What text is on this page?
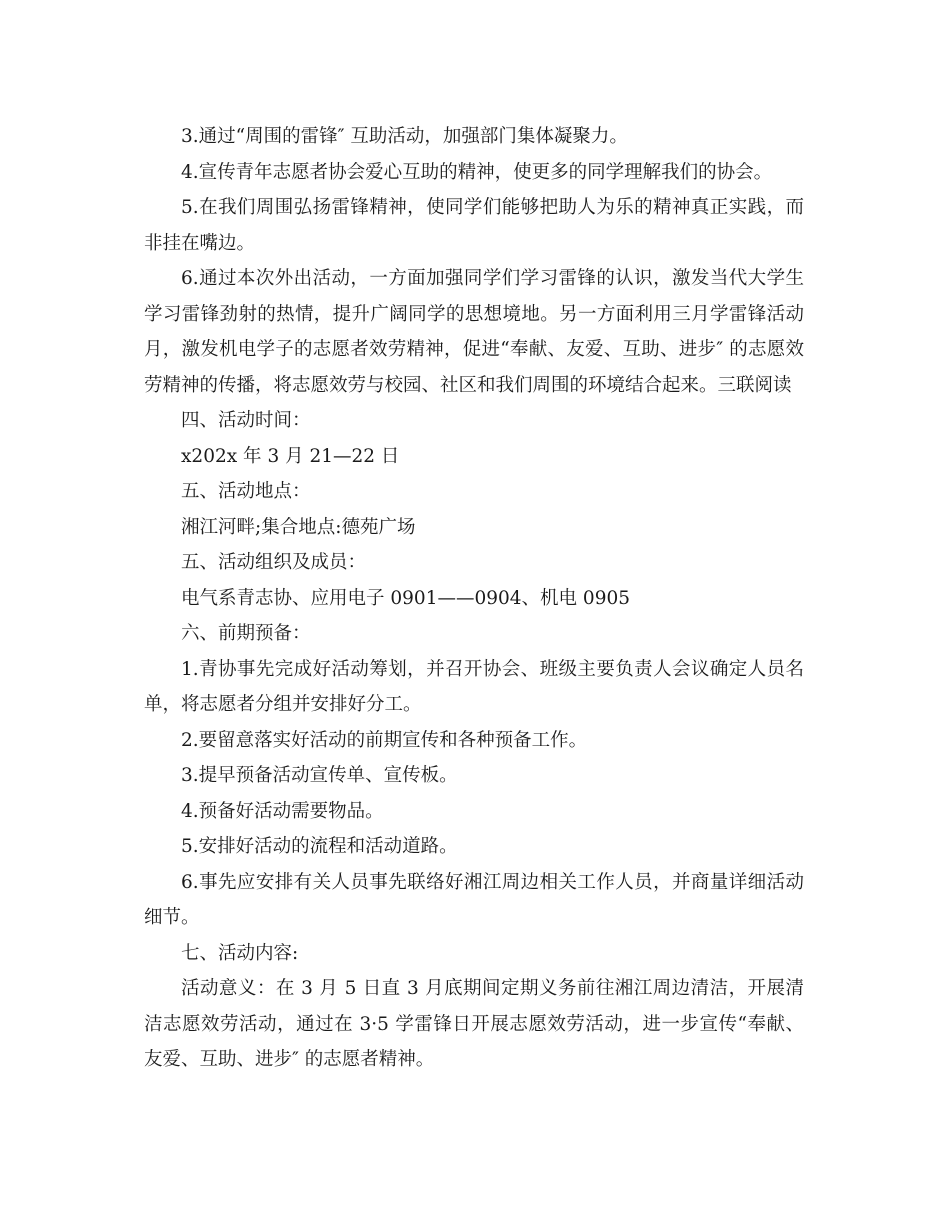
3.通过“周围的雷锋″ 互助活动，加强部门集体凝聚力。

4.宣传青年志愿者协会爱心互助的精神，使更多的同学理解我们的协会。

5.在我们周围弘扬雷锋精神，使同学们能够把助人为乐的精神真正实践，而非挂在嘴边。

6.通过本次外出活动，一方面加强同学们学习雷锋的认识，激发当代大学生学习雷锋劲射的热情，提升广阔同学的思想境地。另一方面利用三月学雷锋活动月，激发机电学子的志愿者效劳精神，促进“奉献、友爱、互助、进步″ 的志愿效劳精神的传播，将志愿效劳与校园、社区和我们周围的环境结合起来。三联阅读

四、活动时间：

x202x 年 3 月 21—22 日

五、活动地点：

湘江河畔;集合地点:德苑广场

五、活动组织及成员：

电气系青志协、应用电子 0901——0904、机电 0905

六、前期预备：

1.青协事先完成好活动筹划，并召开协会、班级主要负责人会议确定人员名单，将志愿者分组并安排好分工。

2.要留意落实好活动的前期宣传和各种预备工作。

3.提早预备活动宣传单、宣传板。

4.预备好活动需要物品。

5.安排好活动的流程和活动道路。

6.事先应安排有关人员事先联络好湘江周边相关工作人员，并商量详细活动细节。

七、活动内容:

活动意义：在 3 月 5 日直 3 月底期间定期义务前往湘江周边清洁，开展清洁志愿效劳活动，通过在 3·5 学雷锋日开展志愿效劳活动，进一步宣传“奉献、友爱、互助、进步″ 的志愿者精神。
